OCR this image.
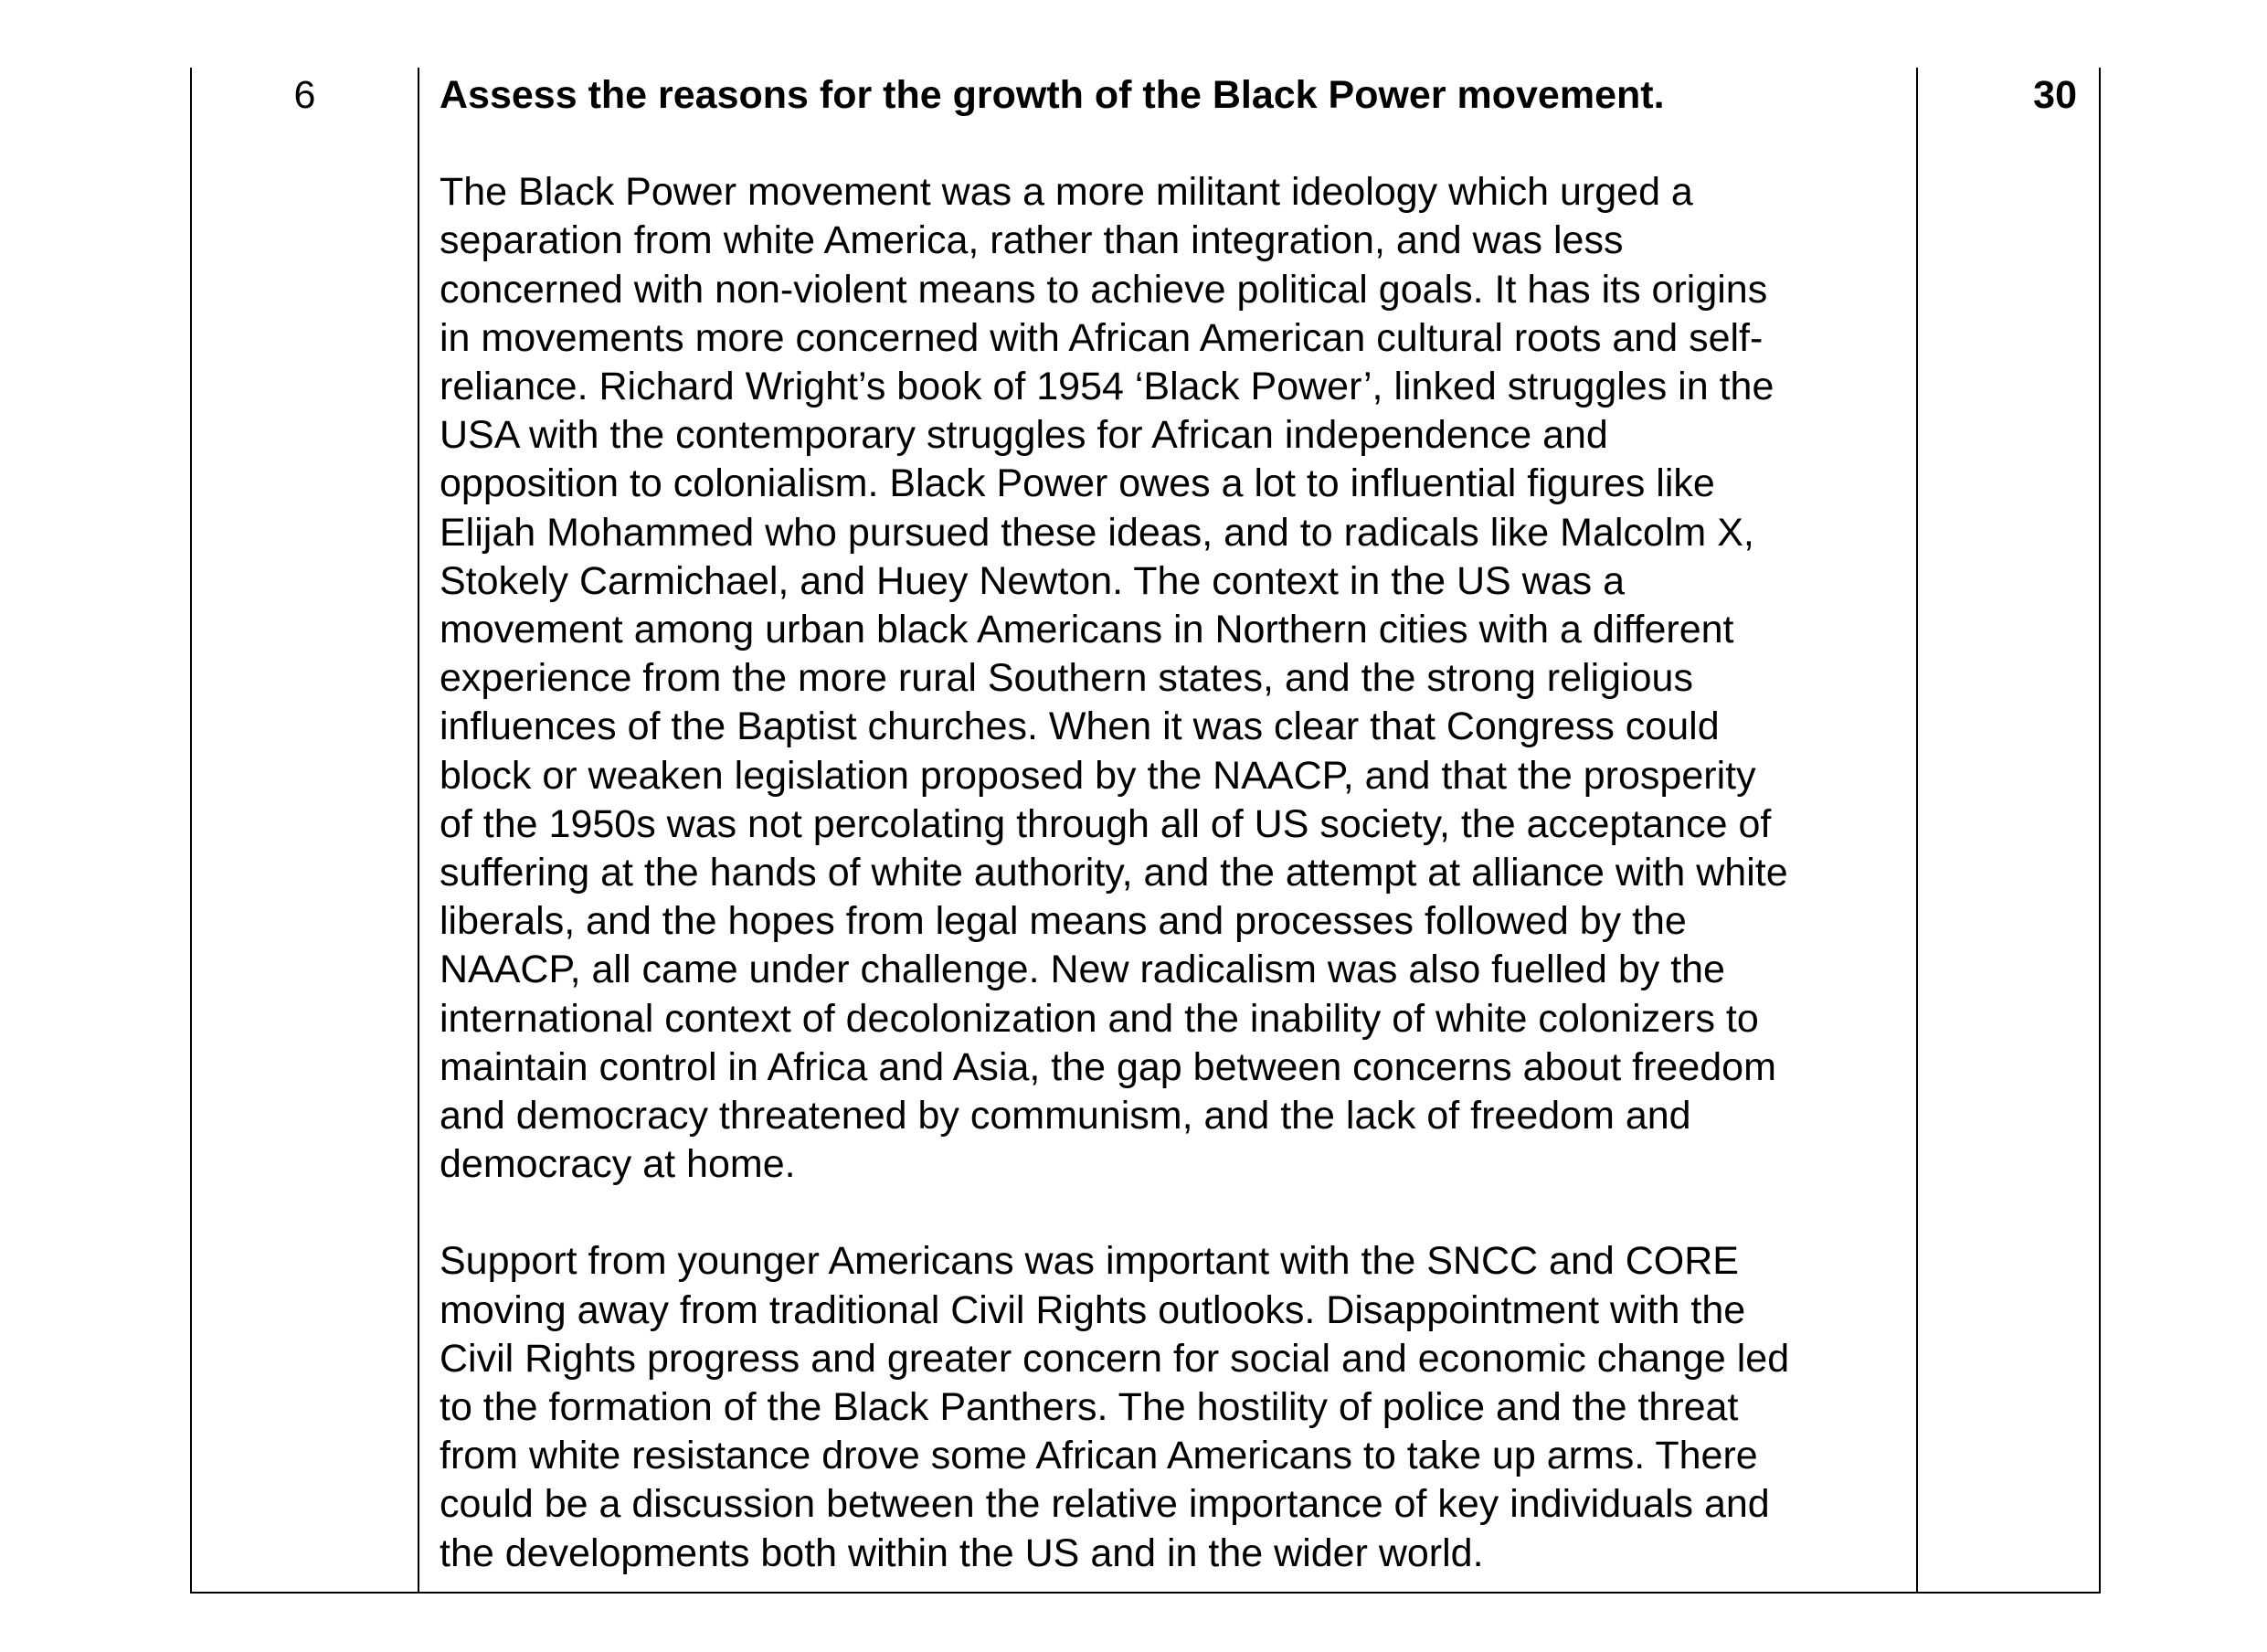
6	Assess the reasons for the growth of the Black Power movement.
The Black Power movement was a more militant ideology which urged a
separation from white America, rather than integration, and was less
concerned with non-violent means to achieve political goals. It has its origins
in movements more concerned with African American cultural roots and self-
reliance. Richard Wright’s book of 1954 ‘Black Power’, linked struggles in the
USA with the contemporary struggles for African independence and
opposition to colonialism. Black Power owes a lot to influential figures like
Elijah Mohammed who pursued these ideas, and to radicals like Malcolm X,
Stokely Carmichael, and Huey Newton. The context in the US was a
movement among urban black Americans in Northern cities with a different
experience from the more rural Southern states, and the strong religious
influences of the Baptist churches. When it was clear that Congress could
block or weaken legislation proposed by the NAACP, and that the prosperity
of the 1950s was not percolating through all of US society, the acceptance of
suffering at the hands of white authority, and the attempt at alliance with white
liberals, and the hopes from legal means and processes followed by the
NAACP, all came under challenge. New radicalism was also fuelled by the
international context of decolonization and the inability of white colonizers to
maintain control in Africa and Asia, the gap between concerns about freedom
and democracy threatened by communism, and the lack of freedom and
democracy at home.
Support from younger Americans was important with the SNCC and CORE
moving away from traditional Civil Rights outlooks. Disappointment with the
Civil Rights progress and greater concern for social and economic change led
to the formation of the Black Panthers. The hostility of police and the threat
from white resistance drove some African Americans to take up arms. There
could be a discussion between the relative importance of key individuals and
the developments both within the US and in the wider world.
30
